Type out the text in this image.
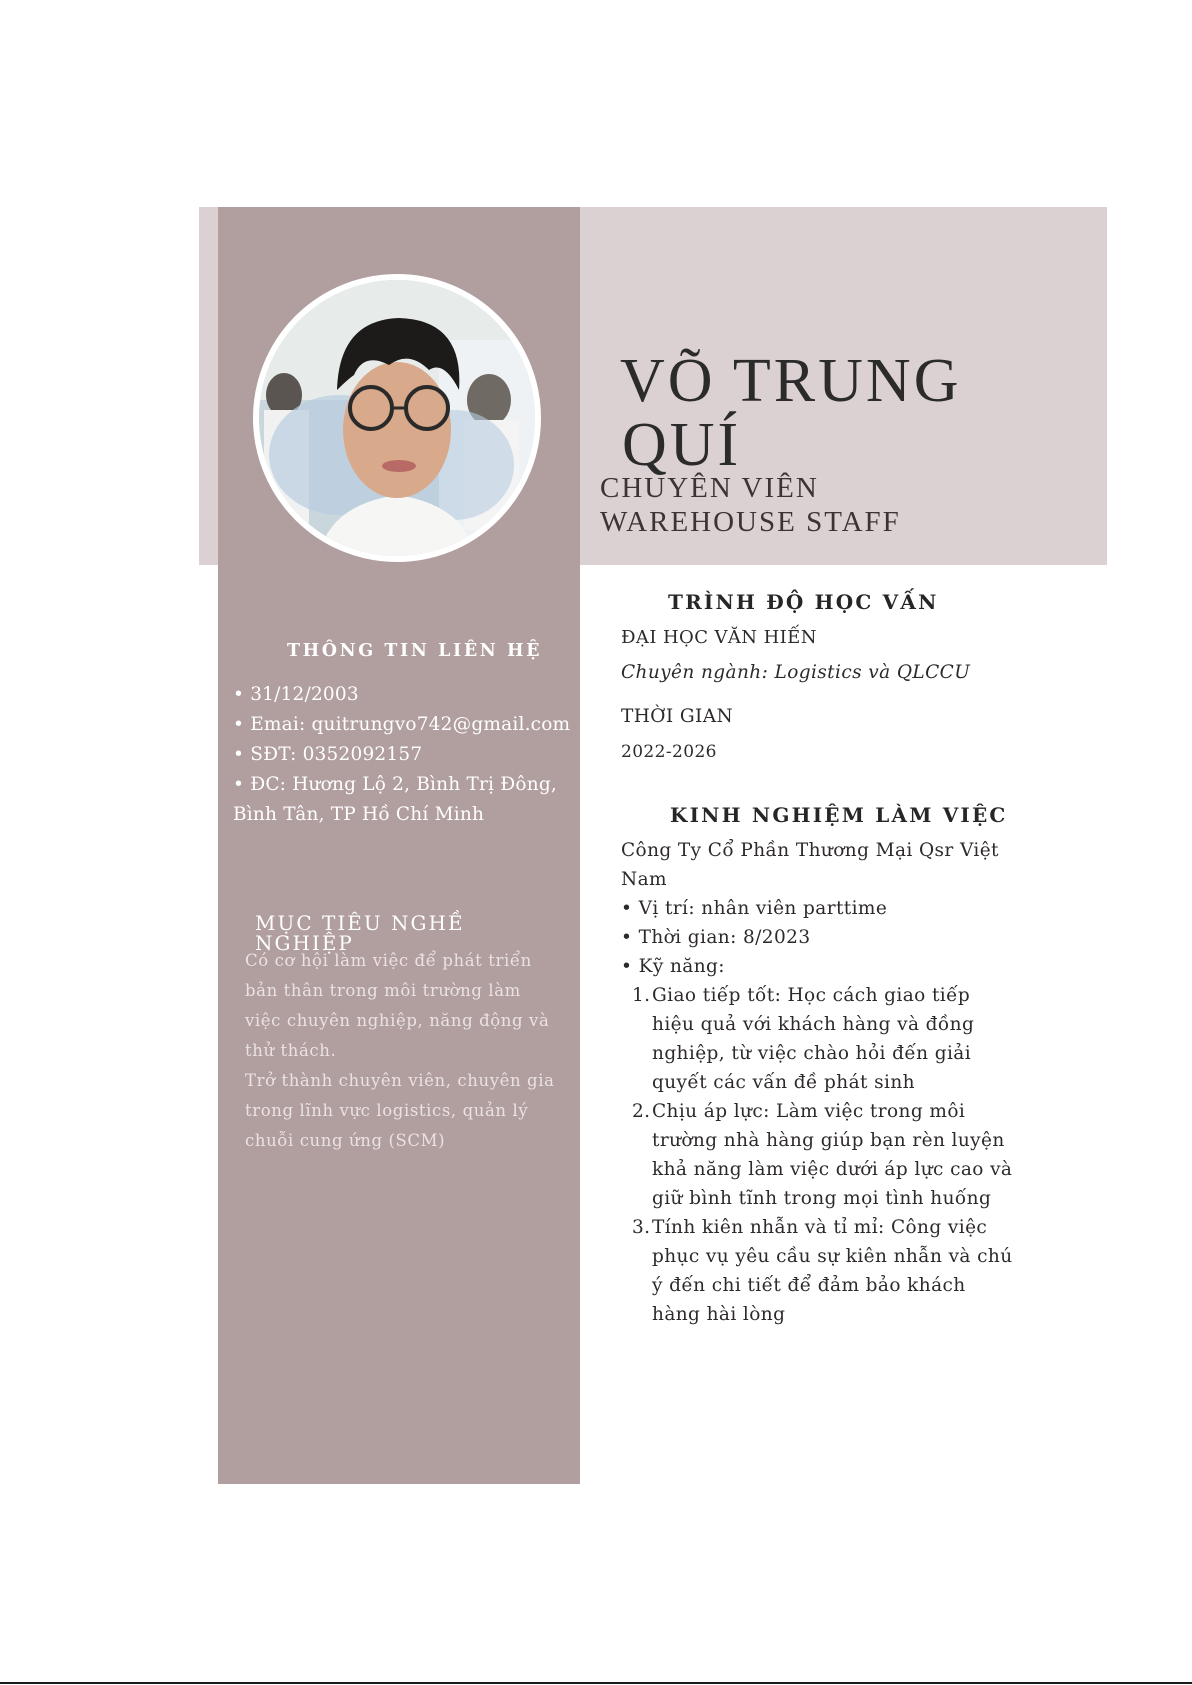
VÕ TRUNG
QUÍ
CHUYÊN VIÊN
WAREHOUSE STAFF
THÔNG TIN LIÊN HỆ
• 31/12/2003
• Emai: quitrungvo742@gmail.com
• SĐT: 0352092157
• ĐC: Hương Lộ 2, Bình Trị Đông,
Bình Tân, TP Hồ Chí Minh
MỤC TIÊU NGHỀ
NGHIỆP
Có cơ hội làm việc để phát triển
bản thân trong môi trường làm
việc chuyên nghiệp, năng động và
thử thách.
Trở thành chuyên viên, chuyên gia
trong lĩnh vực logistics, quản lý
chuỗi cung ứng (SCM)
TRÌNH ĐỘ HỌC VẤN
ĐẠI HỌC VĂN HIẾN
Chuyên ngành: Logistics và QLCCU
THỜI GIAN
2022-2026
KINH NGHIỆM LÀM VIỆC
Công Ty Cổ Phần Thương Mại Qsr Việt
Nam
• Vị trí: nhân viên parttime
• Thời gian: 8/2023
• Kỹ năng:
1. Giao tiếp tốt: Học cách giao tiếp
hiệu quả với khách hàng và đồng
nghiệp, từ việc chào hỏi đến giải
quyết các vấn đề phát sinh
2. Chịu áp lực: Làm việc trong môi
trường nhà hàng giúp bạn rèn luyện
khả năng làm việc dưới áp lực cao và
giữ bình tĩnh trong mọi tình huống
3. Tính kiên nhẫn và tỉ mỉ: Công việc
phục vụ yêu cầu sự kiên nhẫn và chú
ý đến chi tiết để đảm bảo khách
hàng hài lòng
